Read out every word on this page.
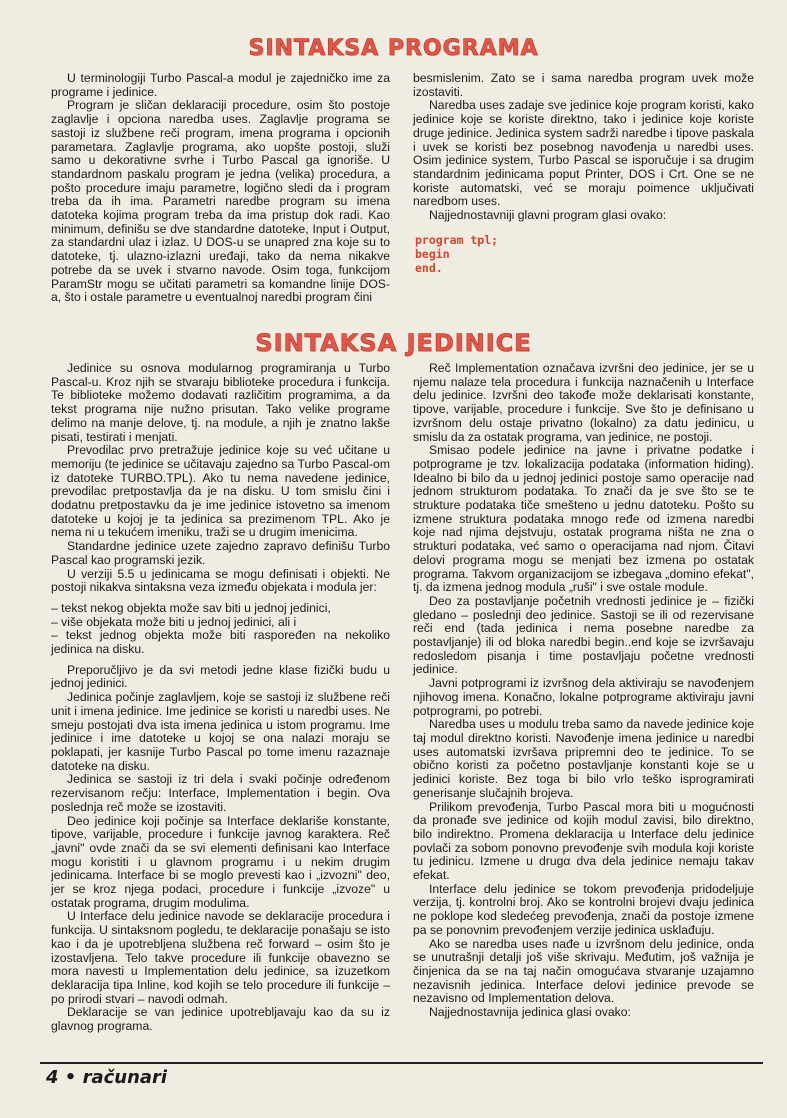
SINTAKSA PROGRAMA

U terminologiji Turbo Pascal-a modul je zajedničko ime za programe i jedinice.

Program je sličan deklaraciji procedure, osim što postoje zaglavlje i opciona naredba uses. Zaglavlje programa se sastoji iz službene reči program, imena programa i opcionih parametara. Zaglavlje programa, ako uopšte postoji, služi samo u dekorativne svrhe i Turbo Pascal ga ignoriše. U standardnom paskalu program je jedna (velika) procedura, a pošto procedure imaju parametre, logično sledi da i program treba da ih ima. Parametri naredbe program su imena datoteka kojima program treba da ima pristup dok radi. Kao minimum, definišu se dve standardne datoteke, Input i Output, za standardni ulaz i izlaz. U DOS-u se unapred zna koje su to datoteke, tj. ulazno-izlazni uređaji, tako da nema nikakve potrebe da se uvek i stvarno navode. Osim toga, funkcijom ParamStr mogu se učitati parametri sa komandne linije DOS-a, što i ostale parametre u eventualnoj naredbi program čini

besmislenim. Zato se i sama naredba program uvek može izostaviti.

Naredba uses zadaje sve jedinice koje program koristi, kako jedinice koje se koriste direktno, tako i jedinice koje koriste druge jedinice. Jedinica system sadrži naredbe i tipove paskala i uvek se koristi bez posebnog navođenja u naredbi uses. Osim jedinice system, Turbo Pascal se isporučuje i sa drugim standardnim jedinicama poput Printer, DOS i Crt. One se ne koriste automatski, već se moraju poimence uključivati naredbom uses.

Najjednostavniji glavni program glasi ovako:

program tpl;
begin
end.
SINTAKSA JEDINICE

Jedinice su osnova modularnog programiranja u Turbo Pascal-u. Kroz njih se stvaraju biblioteke procedura i funkcija. Te biblioteke možemo dodavati različitim programima, a da tekst programa nije nužno prisutan. Tako velike programe delimo na manje delove, tj. na module, a njih je znatno lakše pisati, testirati i menjati.

Prevodilac prvo pretražuje jedinice koje su već učitane u memoriju (te jedinice se učitavaju zajedno sa Turbo Pascal-om iz datoteke TURBO.TPL). Ako tu nema navedene jedinice, prevodilac pretpostavlja da je na disku. U tom smislu čini i dodatnu pretpostavku da je ime jedinice istovetno sa imenom datoteke u kojoj je ta jedinica sa prezimenom TPL. Ako je nema ni u tekućem imeniku, traži se u drugim imenicima.

Standardne jedinice uzete zajedno zapravo definišu Turbo Pascal kao programski jezik.

U verziji 5.5 u jedinicama se mogu definisati i objekti. Ne postoji nikakva sintaksna veza između objekata i modula jer:

– tekst nekog objekta može sav biti u jednoj jedinici,
– više objekata može biti u jednoj jedinici, ali i
– tekst jednog objekta može biti raspoređen na nekoliko jedinica na disku.

Preporučljivo je da svi metodi jedne klase fizički budu u jednoj jedinici.

Jedinica počinje zaglavljem, koje se sastoji iz službene reči unit i imena jedinice. Ime jedinice se koristi u naredbi uses. Ne smeju postojati dva ista imena jedinica u istom programu. Ime jedinice i ime datoteke u kojoj se ona nalazi moraju se poklapati, jer kasnije Turbo Pascal po tome imenu razaznaje datoteke na disku.

Jedinica se sastoji iz tri dela i svaki počinje određenom rezervisanom rečju: Interface, Implementation i begin. Ova poslednja reč može se izostaviti.

Deo jedinice koji počinje sa Interface deklariše konstante, tipove, varijable, procedure i funkcije javnog karaktera. Reč „javni" ovde znači da se svi elementi definisani kao Interface mogu koristiti i u glavnom programu i u nekim drugim jedinicama. Interface bi se moglo prevesti kao i „izvozni" deo, jer se kroz njega podaci, procedure i funkcije „izvoze" u ostatak programa, drugim modulima.

U Interface delu jedinice navode se deklaracije procedura i funkcija. U sintaksnom pogledu, te deklaracije ponašaju se isto kao i da je upotrebljena službena reč forward – osim što je izostavljena. Telo takve procedure ili funkcije obavezno se mora navesti u Implementation delu jedinice, sa izuzetkom deklaracija tipa Inline, kod kojih se telo procedure ili funkcije – po prirodi stvari – navodi odmah.

Deklaracije se van jedinice upotrebljavaju kao da su iz glavnog programa.

Reč Implementation označava izvršni deo jedinice, jer se u njemu nalaze tela procedura i funkcija naznačenih u Interface delu jedinice. Izvršni deo takođe može deklarisati konstante, tipove, varijable, procedure i funkcije. Sve što je definisano u izvršnom delu ostaje privatno (lokalno) za datu jedinicu, u smislu da za ostatak programa, van jedinice, ne postoji.

Smisao podele jedinice na javne i privatne podatke i potprograme je tzv. lokalizacija podataka (information hiding). Idealno bi bilo da u jednoj jedinici postoje samo operacije nad jednom strukturom podataka. To znači da je sve što se te strukture podataka tiče smešteno u jednu datoteku. Pošto su izmene struktura podataka mnogo ređe od izmena naredbi koje nad njima dejstvuju, ostatak programa ništa ne zna o strukturi podataka, već samo o operacijama nad njom. Čitavi delovi programa mogu se menjati bez izmena po ostatak programa. Takvom organizacijom se izbegava „domino efekat", tj. da izmena jednog modula „ruši" i sve ostale module.

Deo za postavljanje početnih vrednosti jedinice je – fizički gledano – poslednji deo jedinice. Sastoji se ili od rezervisane reči end (tada jedinica i nema posebne naredbe za postavljanje) ili od bloka naredbi begin..end koje se izvršavaju redosledom pisanja i time postavljaju početne vrednosti jedinice.

Javni potprogrami iz izvršnog dela aktiviraju se navođenjem njihovog imena. Konačno, lokalne potprograme aktiviraju javni potprogrami, po potrebi.

Naredba uses u modulu treba samo da navede jedinice koje taj modul direktno koristi. Navođenje imena jedinice u naredbi uses automatski izvršava pripremni deo te jedinice. To se obično koristi za početno postavljanje konstanti koje se u jedinici koriste. Bez toga bi bilo vrlo teško isprogramirati generisanje slučajnih brojeva.

Prilikom prevođenja, Turbo Pascal mora biti u mogućnosti da pronađe sve jedinice od kojih modul zavisi, bilo direktno, bilo indirektno. Promena deklaracija u Interface delu jedinice povlači za sobom ponovno prevođenje svih modula koji koriste tu jedinicu. Izmene u drugα dva dela jedinice nemaju takav efekat.

Interface delu jedinice se tokom prevođenja pridodeljuje verzija, tj. kontrolni broj. Ako se kontrolni brojevi dvaju jedinica ne poklope kod sledećeg prevođenja, znači da postoje izmene pa se ponovnim prevođenjem verzije jedinica usklađuju.

Ako se naredba uses nađe u izvršnom delu jedinice, onda se unutrašnji detalji još više skrivaju. Međutim, još važnija je činjenica da se na taj način omogućava stvaranje uzajamno nezavisnih jedinica. Interface delovi jedinice prevode se nezavisno od Implementation delova.

Najjednostavnija jedinica glasi ovako:

4 • računari
